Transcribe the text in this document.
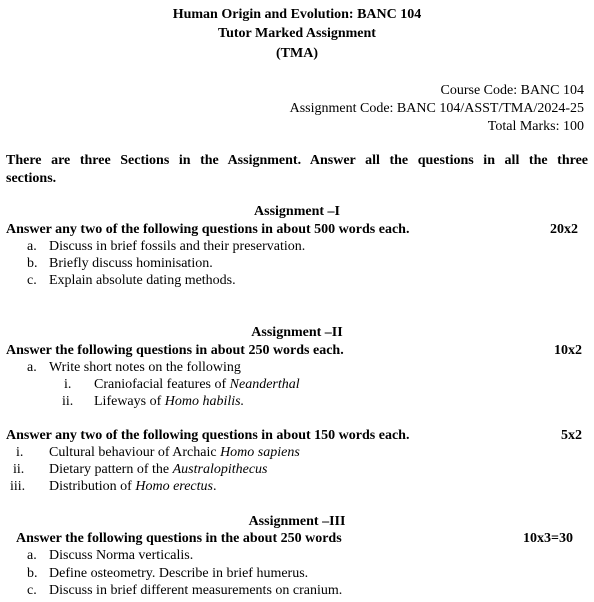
Human Origin and Evolution: BANC 104
Tutor Marked Assignment
(TMA)
Course Code: BANC 104
Assignment Code: BANC 104/ASST/TMA/2024-25
Total Marks: 100
There are three Sections in the Assignment. Answer all the questions in all the three
sections.
Assignment –I
Answer any two of the following questions in about 500 words each.	20x2
a. Discuss in brief fossils and their preservation.
b. Briefly discuss hominisation.
c. Explain absolute dating methods.
Assignment –II
Answer the following questions in about 250 words each.	10x2
a. Write short notes on the following
i. Craniofacial features of Neanderthal
ii. Lifeways of Homo habilis.
Answer any two of the following questions in about 150 words each.	5x2
i. Cultural behaviour of Archaic Homo sapiens
ii. Dietary pattern of the Australopithecus
iii. Distribution of Homo erectus.
Assignment –III
Answer the following questions in the about 250 words	10x3=30
a. Discuss Norma verticalis.
b. Define osteometry. Describe in brief humerus.
c. Discuss in brief different measurements on cranium.
